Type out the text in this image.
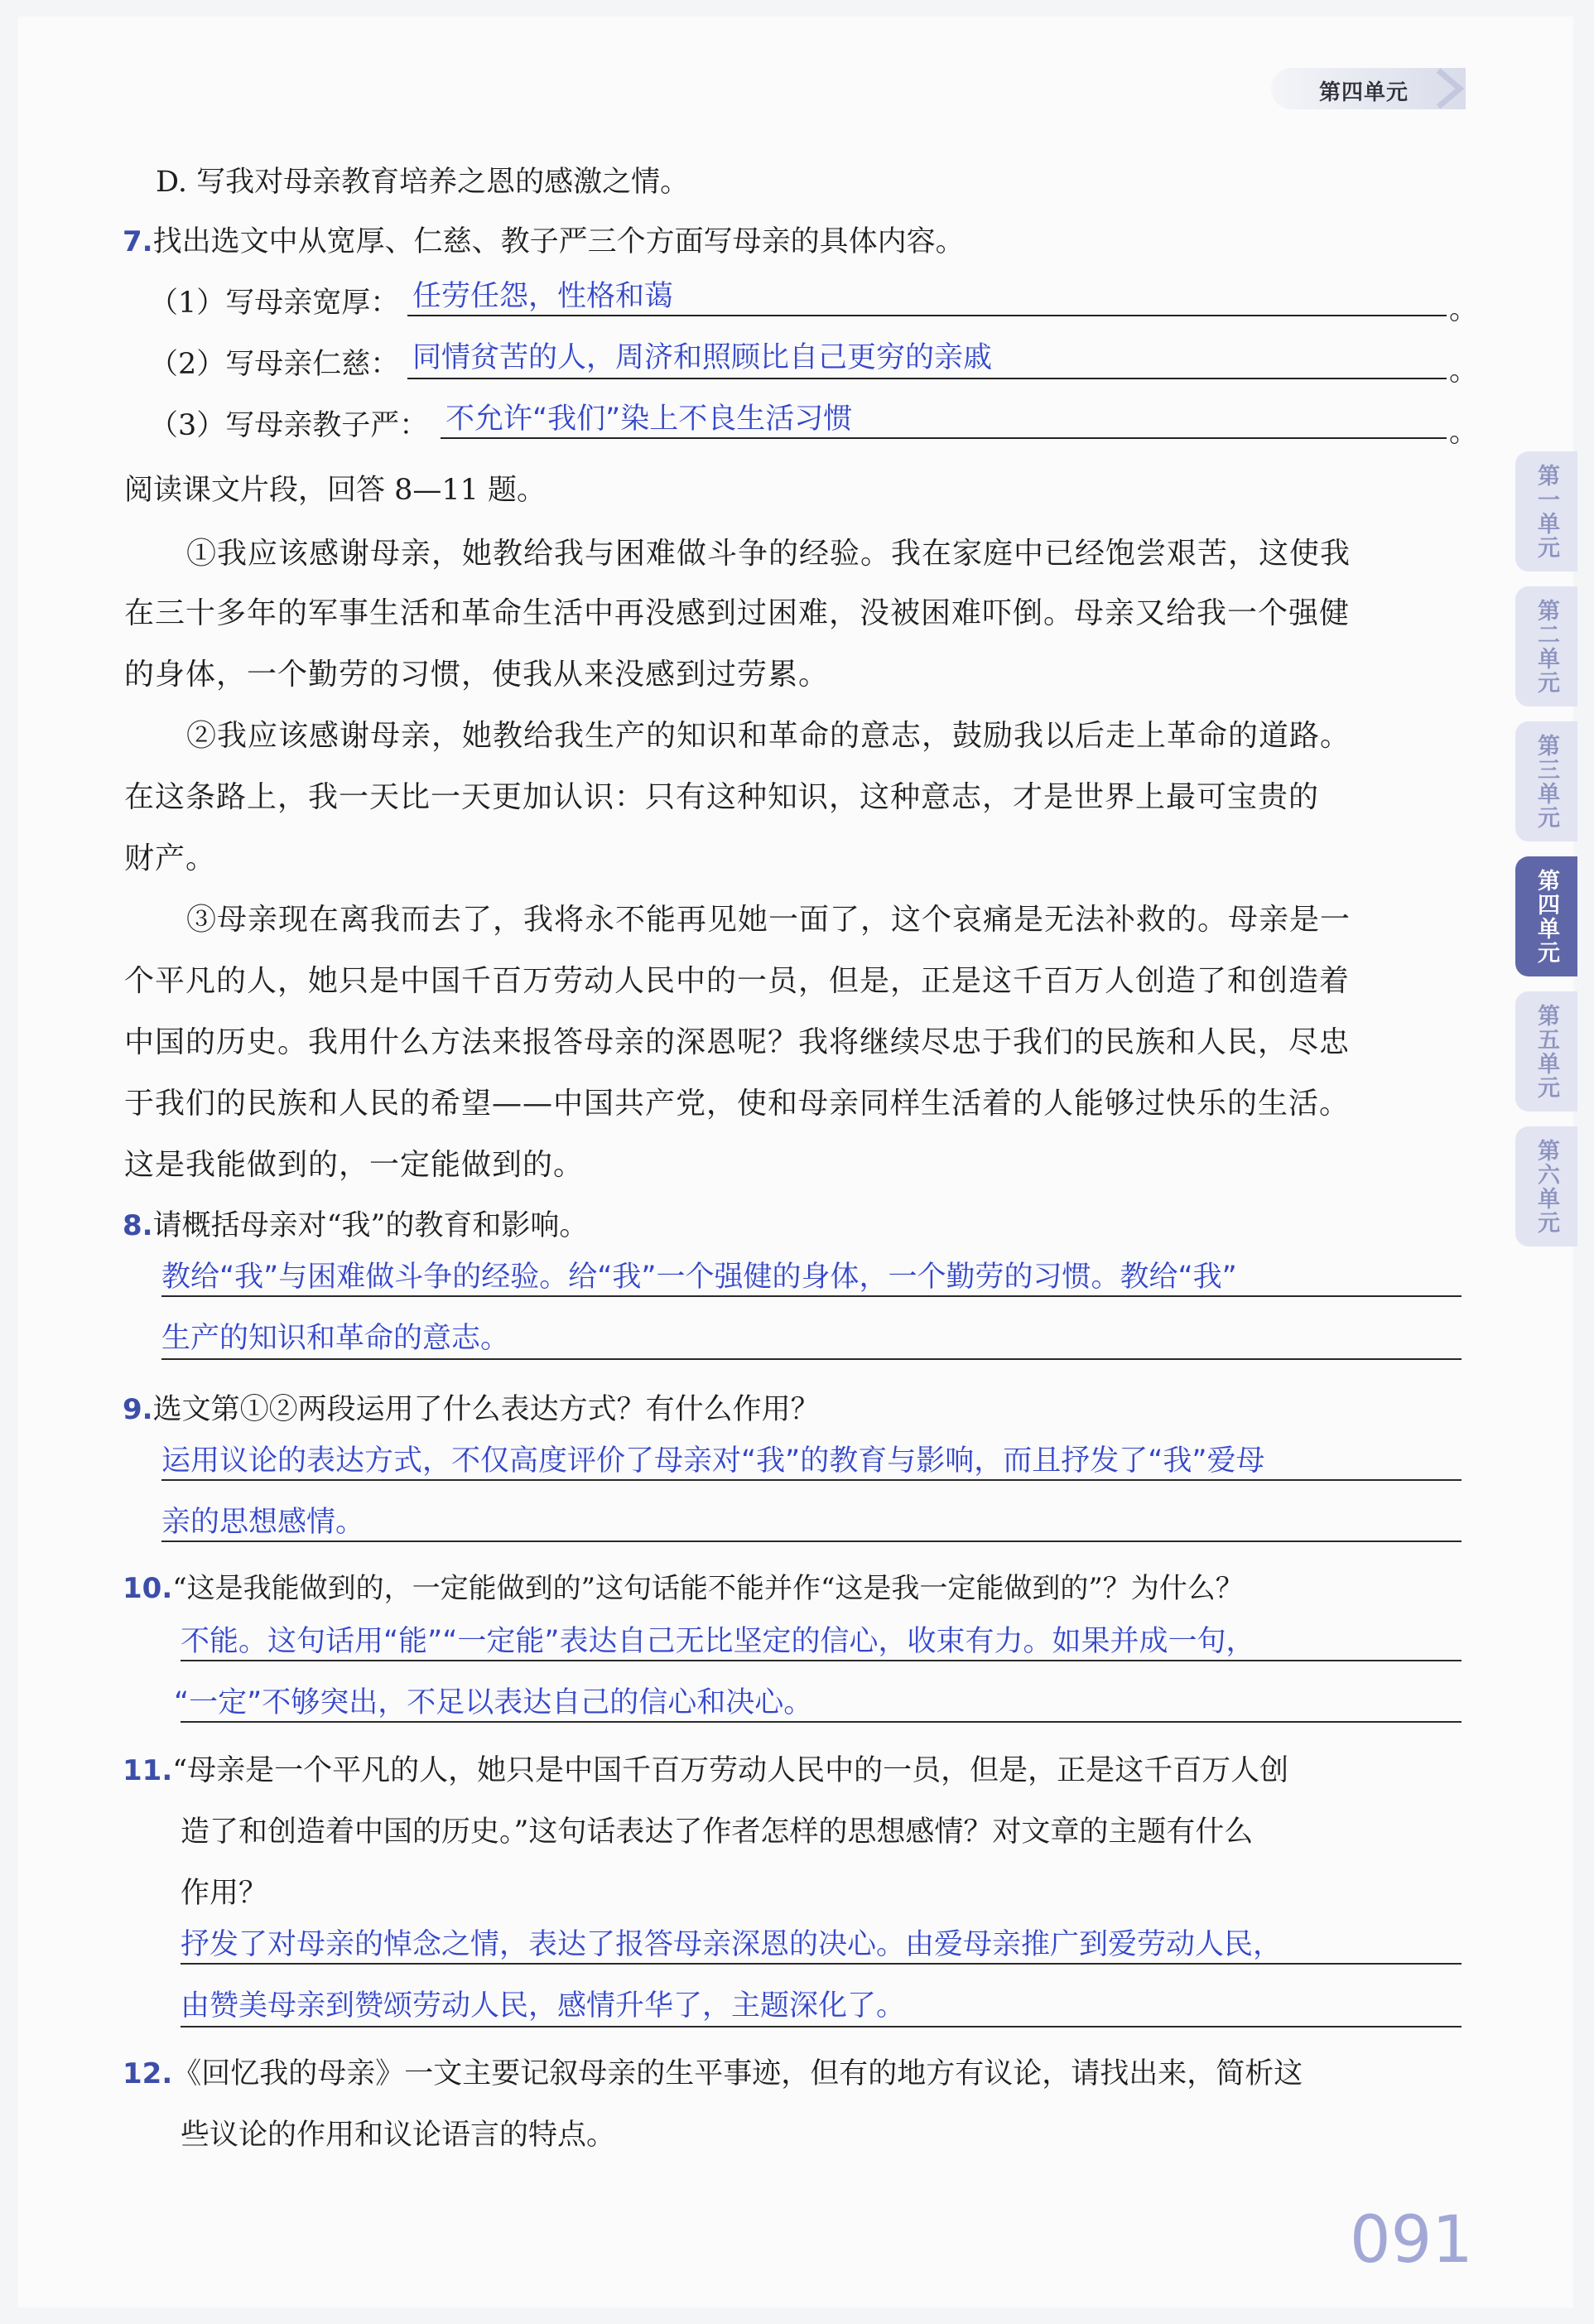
第四单元
第一单元
第二单元
第三单元
第四单元
第五单元
第六单元
D. 写我对母亲教育培养之恩的感激之情。
7.找出选文中从宽厚、仁慈、教子严三个方面写母亲的具体内容。
（1）写母亲宽厚： 任劳任怨，性格和蔼	。
（2）写母亲仁慈： 同情贫苦的人，周济和照顾比自己更穷的亲戚	。
（3）写母亲教子严： 不允许“我们”染上不良生活习惯	。
阅读课文片段，回答 8—11 题。
①我应该感谢母亲，她教给我与困难做斗争的经验。我在家庭中已经饱尝艰苦，这使我
在三十多年的军事生活和革命生活中再没感到过困难，没被困难吓倒。母亲又给我一个强健
的身体，一个勤劳的习惯，使我从来没感到过劳累。
②我应该感谢母亲，她教给我生产的知识和革命的意志，鼓励我以后走上革命的道路。
在这条路上，我一天比一天更加认识：只有这种知识，这种意志，才是世界上最可宝贵的
财产。
③母亲现在离我而去了，我将永不能再见她一面了，这个哀痛是无法补救的。母亲是一
个平凡的人，她只是中国千百万劳动人民中的一员，但是，正是这千百万人创造了和创造着
中国的历史。我用什么方法来报答母亲的深恩呢？我将继续尽忠于我们的民族和人民，尽忠
于我们的民族和人民的希望——中国共产党，使和母亲同样生活着的人能够过快乐的生活。
这是我能做到的，一定能做到的。
8.请概括母亲对“我”的教育和影响。
教给“我”与困难做斗争的经验。给“我”一个强健的身体，一个勤劳的习惯。教给“我”
生产的知识和革命的意志。
9.选文第①②两段运用了什么表达方式？有什么作用？
运用议论的表达方式，不仅高度评价了母亲对“我”的教育与影响，而且抒发了“我”爱母
亲的思想感情。
10.“这是我能做到的，一定能做到的”这句话能不能并作“这是我一定能做到的”？为什么？
不能。这句话用“能”“一定能”表达自己无比坚定的信心，收束有力。如果并成一句，
“一定”不够突出，不足以表达自己的信心和决心。
11.“母亲是一个平凡的人，她只是中国千百万劳动人民中的一员，但是，正是这千百万人创
造了和创造着中国的历史。”这句话表达了作者怎样的思想感情？对文章的主题有什么
作用？
抒发了对母亲的悼念之情，表达了报答母亲深恩的决心。由爱母亲推广到爱劳动人民，
由赞美母亲到赞颂劳动人民，感情升华了，主题深化了。
12.《回忆我的母亲》一文主要记叙母亲的生平事迹，但有的地方有议论，请找出来，简析这
些议论的作用和议论语言的特点。
091
